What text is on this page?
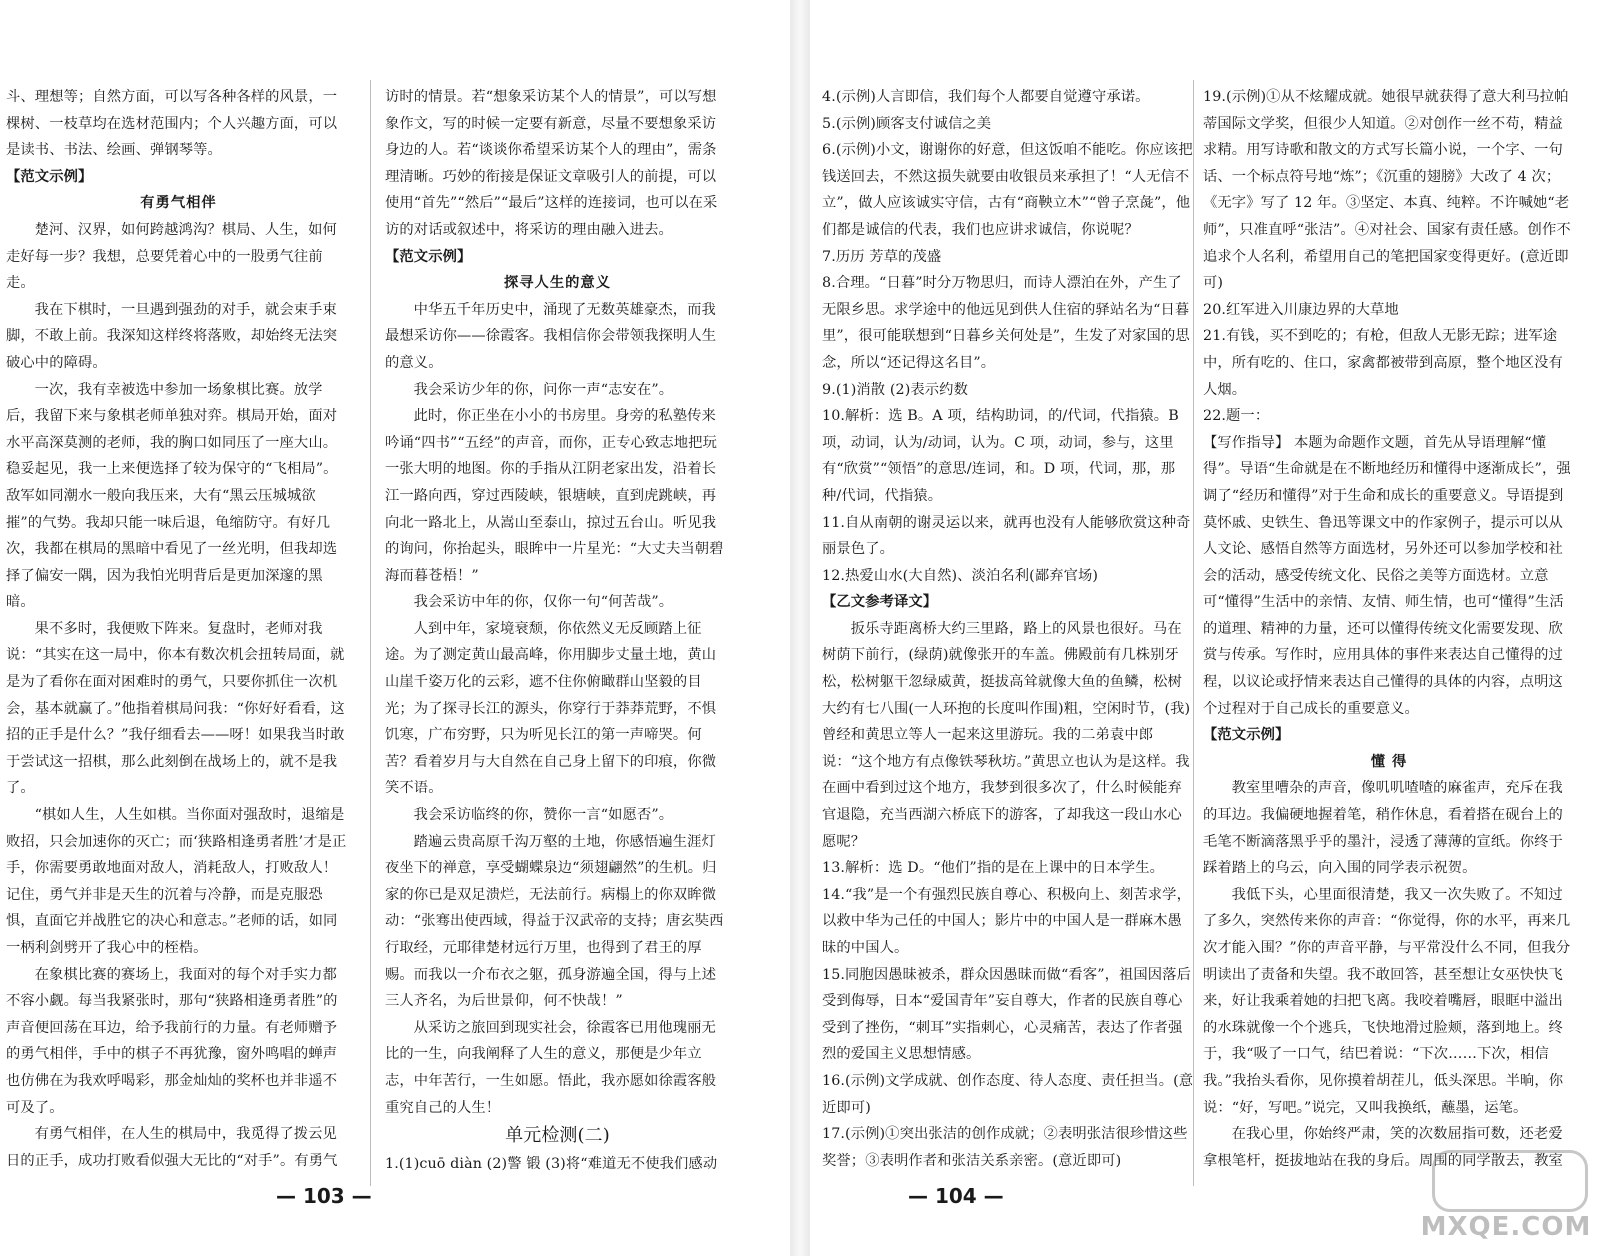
斗、理想等；自然方面，可以写各种各样的风景，一棵树、一枝草均在选材范围内；个人兴趣方面，可以是读书、书法、绘画、弹钢琴等。

【范文示例】

有勇气相伴

楚河、汉界，如何跨越鸿沟？棋局、人生，如何走好每一步？我想，总要凭着心中的一股勇气往前走。

我在下棋时，一旦遇到强劲的对手，就会束手束脚，不敢上前。我深知这样终将落败，却始终无法突破心中的障碍。

一次，我有幸被选中参加一场象棋比赛。放学后，我留下来与象棋老师单独对弈。棋局开始，面对水平高深莫测的老师，我的胸口如同压了一座大山。稳妥起见，我一上来便选择了较为保守的“飞相局”。敌军如同潮水一般向我压来，大有“黑云压城城欲摧”的气势。我却只能一味后退，龟缩防守。有好几次，我都在棋局的黑暗中看见了一丝光明，但我却选择了偏安一隅，因为我怕光明背后是更加深邃的黑暗。

果不多时，我便败下阵来。复盘时，老师对我说：“其实在这一局中，你本有数次机会扭转局面，就是为了看你在面对困难时的勇气，只要你抓住一次机会，基本就赢了。”他指着棋局问我：“你好好看看，这招的正手是什么？”我仔细看去——呀！如果我当时敢于尝试这一招棋，那么此刻倒在战场上的，就不是我了。

“棋如人生，人生如棋。当你面对强敌时，退缩是败招，只会加速你的灭亡；而‘狭路相逢勇者胜’才是正手，你需要勇敢地面对敌人，消耗敌人，打败敌人！记住，勇气并非是天生的沉着与冷静，而是克服恐惧，直面它并战胜它的决心和意志。”老师的话，如同一柄利剑劈开了我心中的桎梏。

在象棋比赛的赛场上，我面对的每个对手实力都不容小觑。每当我紧张时，那句“狭路相逢勇者胜”的声音便回荡在耳边，给予我前行的力量。有老师赠予的勇气相伴，手中的棋子不再犹豫，窗外鸣唱的蝉声也仿佛在为我欢呼喝彩，那金灿灿的奖杯也并非遥不可及了。

有勇气相伴，在人生的棋局中，我觅得了拨云见日的正手，成功打败看似强大无比的“对手”。有勇气

访时的情景。若“想象采访某个人的情景”，可以写想象作文，写的时候一定要有新意，尽量不要想象采访身边的人。若“谈谈你希望采访某个人的理由”，需条理清晰。巧妙的衔接是保证文章吸引人的前提，可以使用“首先”“然后”“最后”这样的连接词，也可以在采访的对话或叙述中，将采访的理由融入进去。

【范文示例】

探寻人生的意义

中华五千年历史中，涌现了无数英雄豪杰，而我最想采访你——徐霞客。我相信你会带领我探明人生的意义。

我会采访少年的你，问你一声“志安在”。

此时，你正坐在小小的书房里。身旁的私塾传来吟诵“四书”“五经”的声音，而你，正专心致志地把玩一张大明的地图。你的手指从江阴老家出发，沿着长江一路向西，穿过西陵峡，银塘峡，直到虎跳峡，再向北一路北上，从嵩山至泰山，掠过五台山。听见我的询问，你抬起头，眼眸中一片星光：“大丈夫当朝碧海而暮苍梧！”

我会采访中年的你，仅你一句“何苦哉”。

人到中年，家境衰颓，你依然义无反顾踏上征途。为了测定黄山最高峰，你用脚步丈量土地，黄山山崖千姿万化的云彩，遮不住你俯瞰群山坚毅的目光；为了探寻长江的源头，你穿行于莽莽荒野，不惧饥寒，广布穷野，只为听见长江的第一声啼哭。何苦？看着岁月与大自然在自己身上留下的印痕，你微笑不语。

我会采访临终的你，赞你一言“如愿否”。

踏遍云贵高原千沟万壑的土地，你感悟遍生涯灯夜坐下的禅意，享受蝴蝶泉边“须翅翩然”的生机。归家的你已是双足溃烂，无法前行。病榻上的你双眸微动：“张骞出使西域，得益于汉武帝的支持；唐玄奘西行取经，元耶律楚材远行万里，也得到了君王的厚赐。而我以一介布衣之躯，孤身游遍全国，得与上述三人齐名，为后世景仰，何不快哉！”

从采访之旅回到现实社会，徐霞客已用他瑰丽无比的一生，向我阐释了人生的意义，那便是少年立志，中年苦行，一生如愿。悟此，我亦愿如徐霞客般重究自己的人生！

单元检测(二)

1.(1)cuō diàn (2)警 锻 (3)将“难道无不使我们感动

— 103 —

4.(示例)人言即信，我们每个人都要自觉遵守承诺。

5.(示例)顾客支付诚信之美

6.(示例)小文，谢谢你的好意，但这饭咱不能吃。你应该把钱送回去，不然这损失就要由收银员来承担了！“人无信不立”，做人应该诚实守信，古有“商鞅立木”“曾子烹彘”，他们都是诚信的代表，我们也应讲求诚信，你说呢？

7.历历 芳草的茂盛

8.合理。“日暮”时分万物思归，而诗人漂泊在外，产生了无限乡思。求学途中的他远见到供人住宿的驿站名为“日暮里”，很可能联想到“日暮乡关何处是”，生发了对家国的思念，所以“还记得这名目”。

9.(1)消散 (2)表示约数

10.解析：选 B。A 项，结构助词，的/代词，代指猿。B 项，动词，认为/动词，认为。C 项，动词，参与，这里有“欣赏”“领悟”的意思/连词，和。D 项，代词，那，那种/代词，代指猿。

11.自从南朝的谢灵运以来，就再也没有人能够欣赏这种奇丽景色了。

12.热爱山水(大自然)、淡泊名利(鄙弃官场)

【乙文参考译文】

扳乐寺距离桥大约三里路，路上的风景也很好。马在树荫下前行，(绿荫)就像张开的车盖。佛殿前有几株别牙松，松树躯干忽绿威黄，挺拔高耸就像大鱼的鱼鳞，松树大约有七八围(一人环抱的长度叫作围)粗，空闲时节，(我)曾经和黄思立等人一起来这里游玩。我的二弟袁中郎说：“这个地方有点像铁琴秋坊。”黄思立也认为是这样。我在画中看到过这个地方，我梦到很多次了，什么时候能弃官退隐，充当西湖六桥底下的游客，了却我这一段山水心愿呢？

13.解析：选 D。“他们”指的是在上课中的日本学生。

14.“我”是一个有强烈民族自尊心、积极向上、刻苦求学，以救中华为己任的中国人；影片中的中国人是一群麻木愚昧的中国人。

15.同胞因愚昧被杀，群众因愚昧而做“看客”，祖国因落后受到侮辱，日本“爱国青年”妄自尊大，作者的民族自尊心受到了挫伤，“刺耳”实指刺心，心灵痛苦，表达了作者强烈的爱国主义思想情感。

16.(示例)文学成就、创作态度、待人态度、责任担当。(意近即可)

17.(示例)①突出张洁的创作成就；②表明张洁很珍惜这些奖誉；③表明作者和张洁关系亲密。(意近即可)

19.(示例)①从不炫耀成就。她很早就获得了意大利马拉帕蒂国际文学奖，但很少人知道。②对创作一丝不苟，精益求精。用写诗歌和散文的方式写长篇小说，一个字、一句话、一个标点符号地“炼”；《沉重的翅膀》大改了 4 次；《无字》写了 12 年。③坚定、本真、纯粹。不许喊她“老师”，只准直呼“张洁”。④对社会、国家有责任感。创作不追求个人名利，希望用自己的笔把国家变得更好。(意近即可)

20.红军进入川康边界的大草地

21.有钱，买不到吃的；有枪，但敌人无影无踪；进军途中，所有吃的、住口，家禽都被带到高原，整个地区没有人烟。

22.题一：

【写作指导】 本题为命题作文题，首先从导语理解“懂得”。导语“生命就是在不断地经历和懂得中逐渐成长”，强调了“经历和懂得”对于生命和成长的重要意义。导语提到莫怀戚、史铁生、鲁迅等课文中的作家例子，提示可以从人文论、感悟自然等方面选材，另外还可以参加学校和社会的活动，感受传统文化、民俗之美等方面选材。立意可“懂得”生活中的亲情、友情、师生情，也可“懂得”生活的道理、精神的力量，还可以懂得传统文化需要发现、欣赏与传承。写作时，应用具体的事件来表达自己懂得的过程，以议论或抒情来表达自己懂得的具体的内容，点明这个过程对于自己成长的重要意义。

【范文示例】

懂 得

教室里嘈杂的声音，像叽叽喳喳的麻雀声，充斥在我的耳边。我偏硬地握着笔，稍作休息，看着搭在砚台上的毛笔不断滴落黑乎乎的墨汁，浸透了薄薄的宣纸。你终于踩着踏上的乌云，向入围的同学表示祝贺。

我低下头，心里面很清楚，我又一次失败了。不知过了多久，突然传来你的声音：“你觉得，你的水平，再来几次才能入围？”你的声音平静，与平常没什么不同，但我分明读出了责备和失望。我不敢回答，甚至想让女巫快快飞来，好让我乘着她的扫把飞离。我咬着嘴唇，眼眶中溢出的水珠就像一个个逃兵，飞快地滑过脸颊，落到地上。终于，我“吸了一口气，结巴着说：“下次……下次，相信我。”我抬头看你，见你摸着胡茬儿，低头深思。半晌，你说：“好，写吧。”说完，又叫我换纸，蘸墨，运笔。

在我心里，你始终严肃，笑的次数屈指可数，还老爱拿根笔杆，挺拔地站在我的身后。周围的同学散去，教室

— 104 —
MXQE.COM
